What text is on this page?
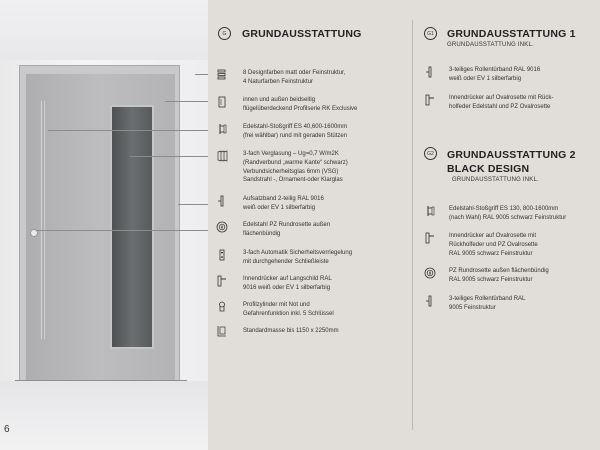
6
G	GRUNDAUSSTATTUNG
8 Designfarben matt oder Feinstruktur,
4 Naturfarben Feinstruktur
innen und außen beidseitig
flügelüberdeckend Profilserie RK Exclusive
Edelstahl-Stoßgriff ES 40,600-1600mm
(frei wählbar) rund mit geraden Stützen
3-fach Verglasung – Ug=0,7 W/m2K
(Randverbund „warme Kante“ schwarz)
Verbundsicherheitsglas 6mm (VSG)
Sandstrahl -, Ornament-oder Klarglas
Aufsatzband 2-teilig RAL 9016
weiß oder EV 1 silberfarbig
Edelstahl PZ Rundrosette außen
flächenbündig
3-fach Automatik Sicherheitsverriegelung
mit durchgehender Schließleiste
Innendrücker auf Langschild RAL
9016 weiß oder EV 1 silberfarbig
Profilzylinder mit Not und
Gefahrenfunktion inkl. 5 Schlüssel
Standardmasse bis 1150 x 2250mm
G1	GRUNDAUSSTATTUNG 1
GRUNDAUSSTATTUNG INKL.
3-teiliges Rollentürband RAL 9016
weiß oder EV 1 silberfarbig
Innendrücker auf Ovalrosette mit Rück-
holfeder Edelstahl und PZ Ovalrosette
G2	GRUNDAUSSTATTUNG 2
BLACK DESIGN
GRUNDAUSSTATTUNG INKL.
Edelstahl-Stoßgriff ES 130, 800-1600mm
(nach Wahl) RAL 9005 schwarz Feinstruktur
Innendrücker auf Ovalrosette mit
Rückholfeder und PZ Ovalrosette
RAL 9005 schwarz Feinstruktur
PZ Rundrosette außen flächenbündig
RAL 9005 schwarz Feinstruktur
3-teiliges Rollentürband RAL
9005 Feinstruktur
